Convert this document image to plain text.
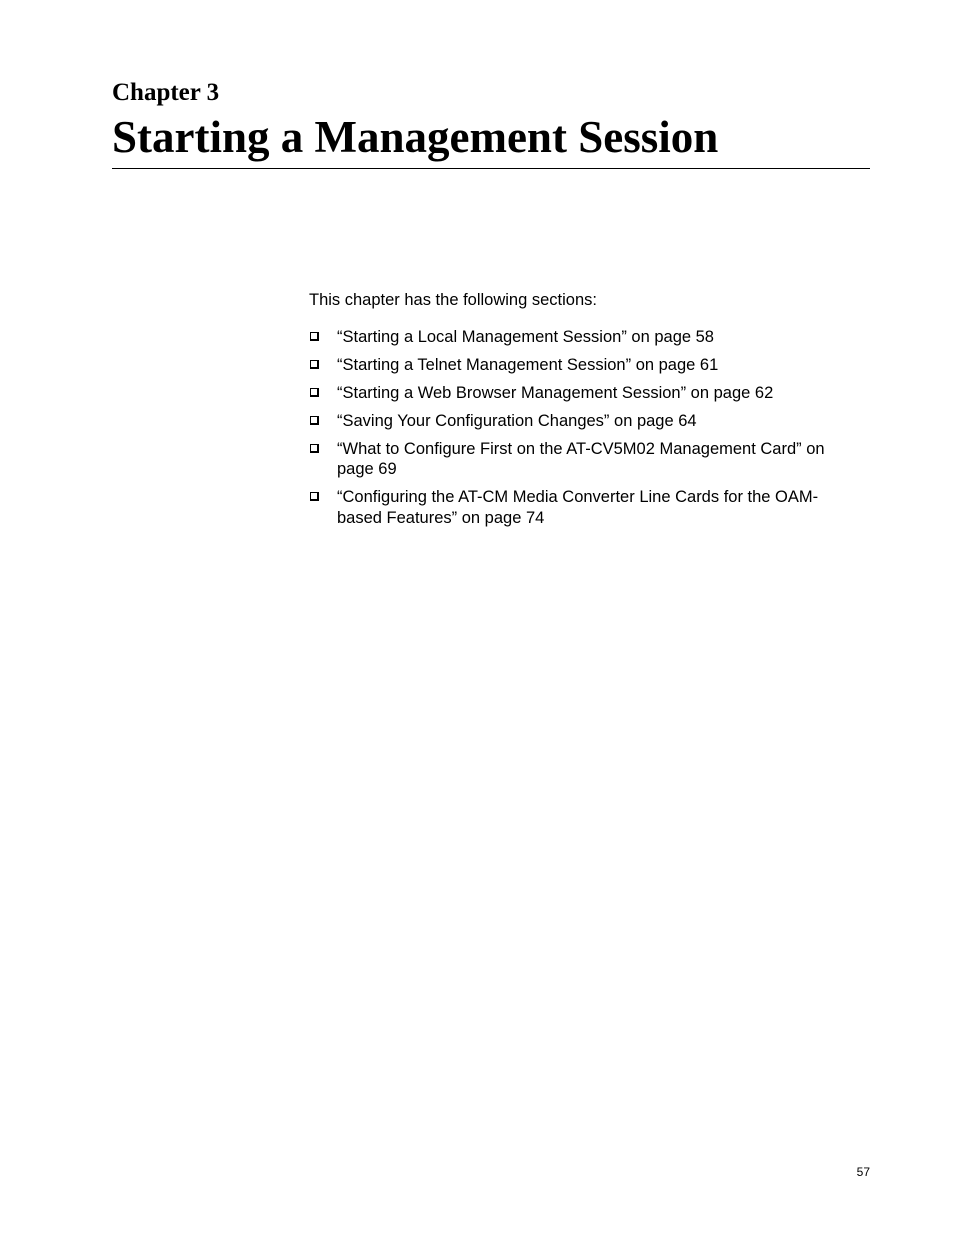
Chapter 3
Starting a Management Session

This chapter has the following sections:

“Starting a Local Management Session” on page 58
“Starting a Telnet Management Session” on page 61
“Starting a Web Browser Management Session” on page 62
“Saving Your Configuration Changes” on page 64
“What to Configure First on the AT-CV5M02 Management Card” on page 69
“Configuring the AT-CM Media Converter Line Cards for the OAM-based Features” on page 74
57
